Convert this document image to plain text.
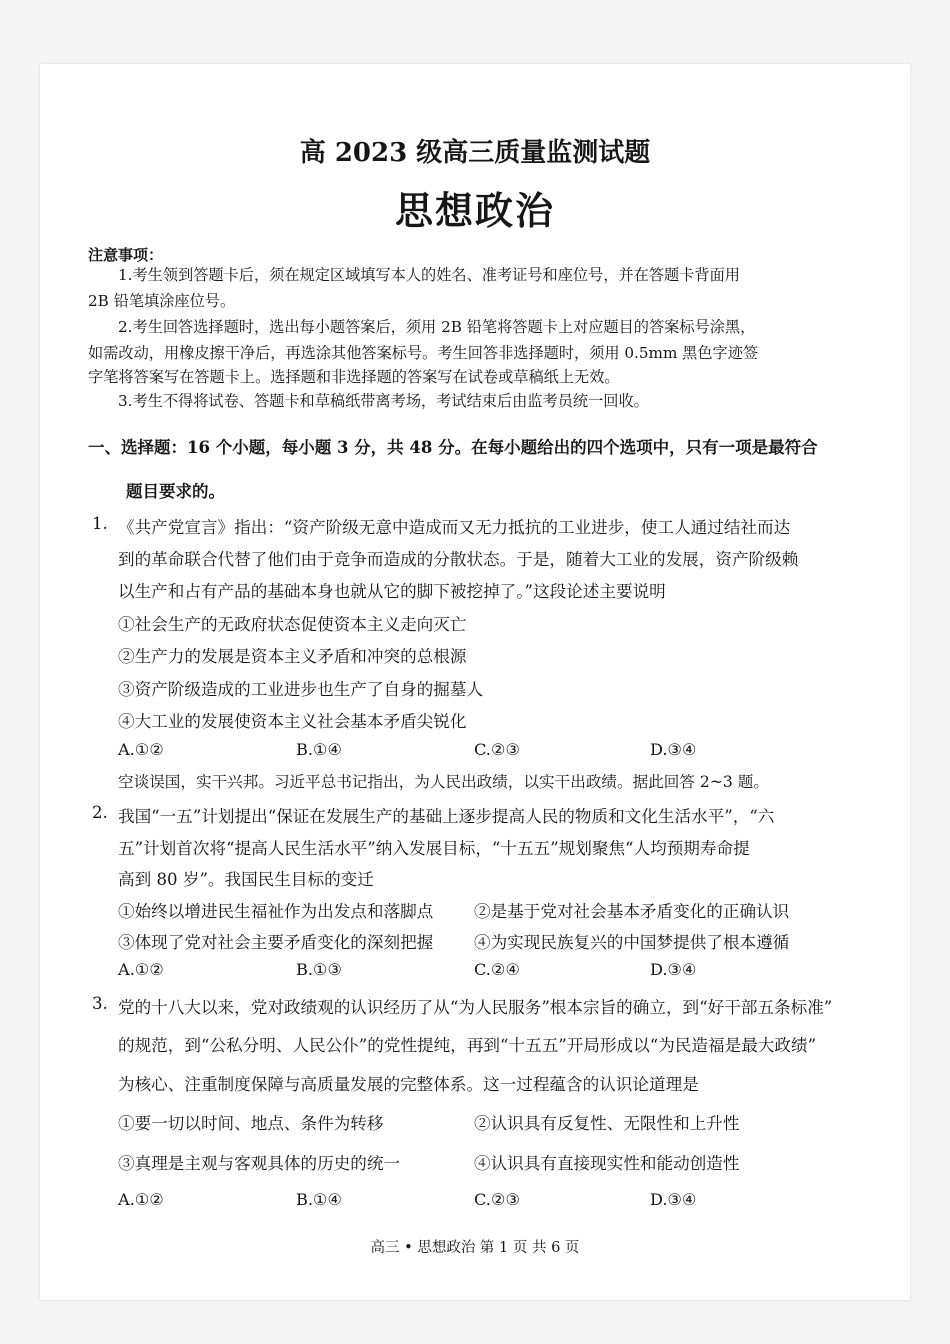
高 2023 级高三质量监测试题
思想政治
注意事项：
1.考生领到答题卡后，须在规定区域填写本人的姓名、准考证号和座位号，并在答题卡背面用
2B 铅笔填涂座位号。
2.考生回答选择题时，选出每小题答案后，须用 2B 铅笔将答题卡上对应题目的答案标号涂黑，
如需改动，用橡皮擦干净后，再选涂其他答案标号。考生回答非选择题时，须用 0.5mm 黑色字迹签
字笔将答案写在答题卡上。选择题和非选择题的答案写在试卷或草稿纸上无效。
3.考生不得将试卷、答题卡和草稿纸带离考场，考试结束后由监考员统一回收。
一、选择题：16 个小题，每小题 3 分，共 48 分。在每小题给出的四个选项中，只有一项是最符合
题目要求的。
1. 《共产党宣言》指出：“资产阶级无意中造成而又无力抵抗的工业进步，使工人通过结社而达
到的革命联合代替了他们由于竞争而造成的分散状态。于是，随着大工业的发展，资产阶级赖
以生产和占有产品的基础本身也就从它的脚下被挖掉了。”这段论述主要说明
①社会生产的无政府状态促使资本主义走向灭亡
②生产力的发展是资本主义矛盾和冲突的总根源
③资产阶级造成的工业进步也生产了自身的掘墓人
④大工业的发展使资本主义社会基本矛盾尖锐化
A.①②	B.①④	C.②③	D.③④
空谈误国，实干兴邦。习近平总书记指出，为人民出政绩，以实干出政绩。据此回答 2~3 题。
2. 我国“一五”计划提出“保证在发展生产的基础上逐步提高人民的物质和文化生活水平”，“六
五”计划首次将“提高人民生活水平”纳入发展目标，“十五五”规划聚焦“人均预期寿命提
高到 80 岁”。我国民生目标的变迁
①始终以增进民生福祉作为出发点和落脚点 ②是基于党对社会基本矛盾变化的正确认识
③体现了党对社会主要矛盾变化的深刻把握 ④为实现民族复兴的中国梦提供了根本遵循
A.①②	B.①③	C.②④	D.③④
3. 党的十八大以来，党对政绩观的认识经历了从“为人民服务”根本宗旨的确立，到“好干部五条标准”
的规范，到“公私分明、人民公仆”的党性提纯，再到“十五五”开局形成以“为民造福是最大政绩”
为核心、注重制度保障与高质量发展的完整体系。这一过程蕴含的认识论道理是
①要一切以时间、地点、条件为转移	②认识具有反复性、无限性和上升性
③真理是主观与客观具体的历史的统一	④认识具有直接现实性和能动创造性
A.①②	B.①④	C.②③	D.③④
高三 • 思想政治 第 1 页 共 6 页
